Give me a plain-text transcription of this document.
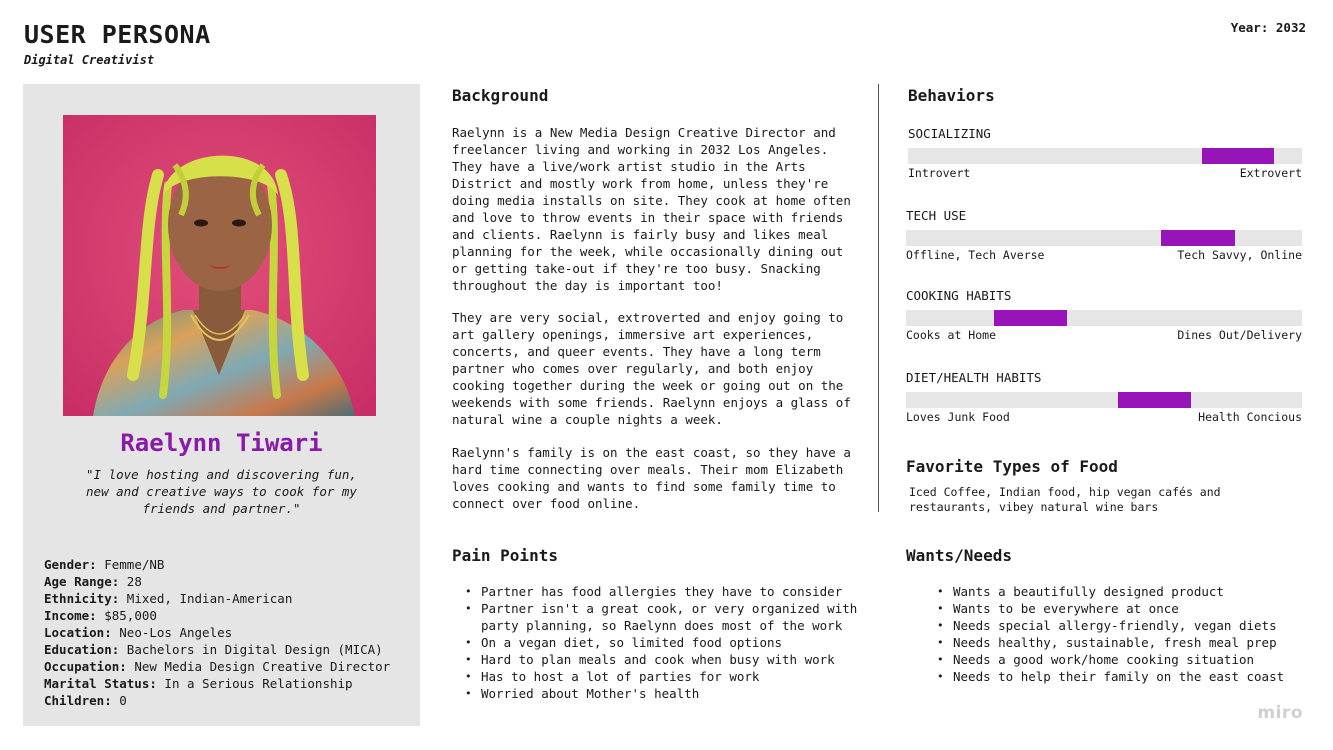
USER PERSONA
Digital Creativist
Year: 2032
Raelynn Tiwari
"I love hosting and discovering fun, new and creative ways to cook for my friends and partner."
Gender: Femme/NB
Age Range: 28
Ethnicity: Mixed, Indian-American
Income: $85,000
Location: Neo-Los Angeles
Education: Bachelors in Digital Design (MICA)
Occupation: New Media Design Creative Director
Marital Status: In a Serious Relationship
Children: 0
Background
Raelynn is a New Media Design Creative Director and freelancer living and working in 2032 Los Angeles. They have a live/work artist studio in the Arts District and mostly work from home, unless they're doing media installs on site. They cook at home often and love to throw events in their space with friends and clients. Raelynn is fairly busy and likes meal planning for the week, while occasionally dining out or getting take-out if they're too busy. Snacking throughout the day is important too!
They are very social, extroverted and enjoy going to art gallery openings, immersive art experiences, concerts, and queer events. They have a long term partner who comes over regularly, and both enjoy cooking together during the week or going out on the weekends with some friends. Raelynn enjoys a glass of natural wine a couple nights a week.
Raelynn's family is on the east coast, so they have a hard time connecting over meals. Their mom Elizabeth loves cooking and wants to find some family time to connect over food online.
Behaviors
SOCIALIZING
Introvert	Extrovert
TECH USE
Offline, Tech Averse	Tech Savvy, Online
COOKING HABITS
Cooks at Home	Dines Out/Delivery
DIET/HEALTH HABITS
Loves Junk Food	Health Concious
Favorite Types of Food
Iced Coffee, Indian food, hip vegan cafés and restaurants, vibey natural wine bars
Pain Points
• Partner has food allergies they have to consider
• Partner isn't a great cook, or very organized with party planning, so Raelynn does most of the work
• On a vegan diet, so limited food options
• Hard to plan meals and cook when busy with work
• Has to host a lot of parties for work
• Worried about Mother's health
Wants/Needs
• Wants a beautifully designed product
• Wants to be everywhere at once
• Needs special allergy-friendly, vegan diets
• Needs healthy, sustainable, fresh meal prep
• Needs a good work/home cooking situation
• Needs to help their family on the east coast
miro
